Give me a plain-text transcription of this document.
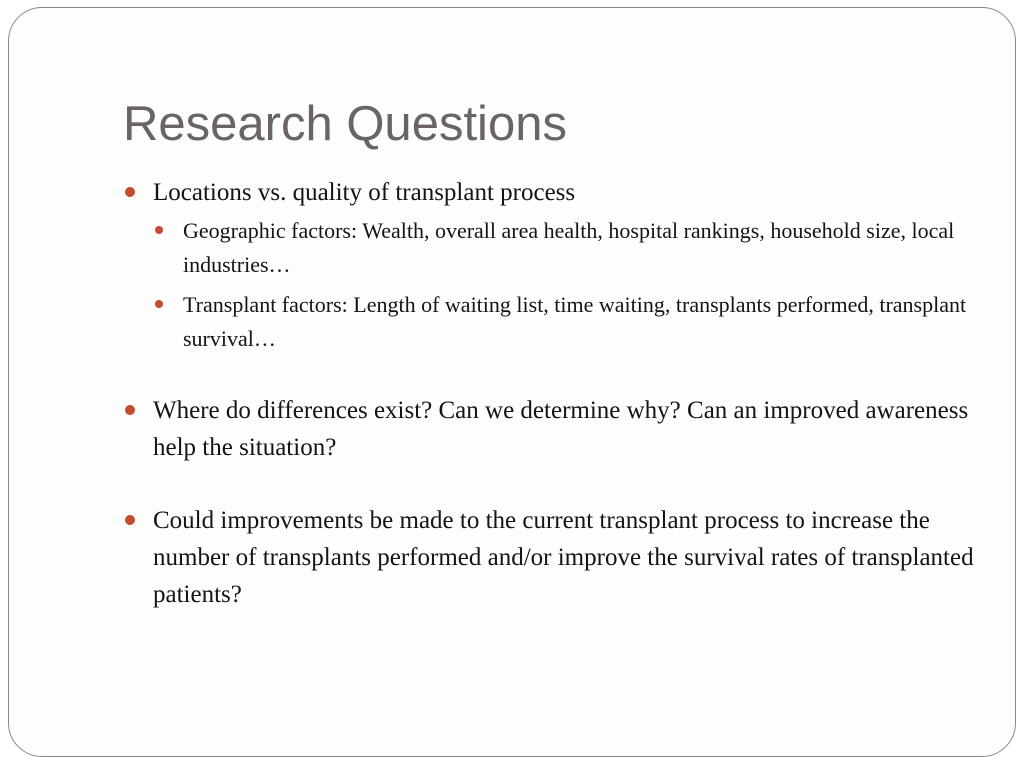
Research Questions
Locations vs. quality of transplant process
Geographic factors: Wealth, overall area health, hospital rankings, household size, local industries…
Transplant factors: Length of waiting list, time waiting, transplants performed, transplant survival…
Where do differences exist? Can we determine why? Can an improved awareness help the situation?
Could improvements be made to the current transplant process to increase the number of transplants performed and/or improve the survival rates of transplanted patients?
